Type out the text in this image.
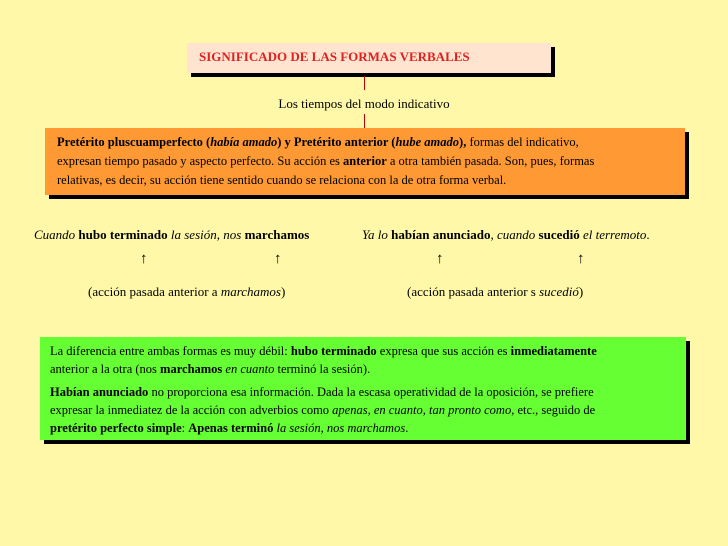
SIGNIFICADO DE LAS FORMAS VERBALES
Los tiempos del modo indicativo
Pretérito pluscuamperfecto (había amado) y Pretérito anterior (hube amado), formas del indicativo,
expresan tiempo pasado y aspecto perfecto. Su acción es anterior a otra también pasada. Son, pues, formas
relativas, es decir, su acción tiene sentido cuando se relaciona con la de otra forma verbal.
Cuando hubo terminado la sesión, nos marchamos
↑	↑
(acción pasada anterior a marchamos)
Ya lo habían anunciado, cuando sucedió el terremoto.
↑	↑
(acción pasada anterior s sucedió)

La diferencia entre ambas formas es muy débil: hubo terminado expresa que sus acción es inmediatamente
anterior a la otra (nos marchamos en cuanto terminó la sesión).

Habían anunciado no proporciona esa información. Dada la escasa operatividad de la oposición, se prefiere
expresar la inmediatez de la acción con adverbios como apenas, en cuanto, tan pronto como, etc., seguido de
pretérito perfecto simple: Apenas terminó la sesión, nos marchamos.
